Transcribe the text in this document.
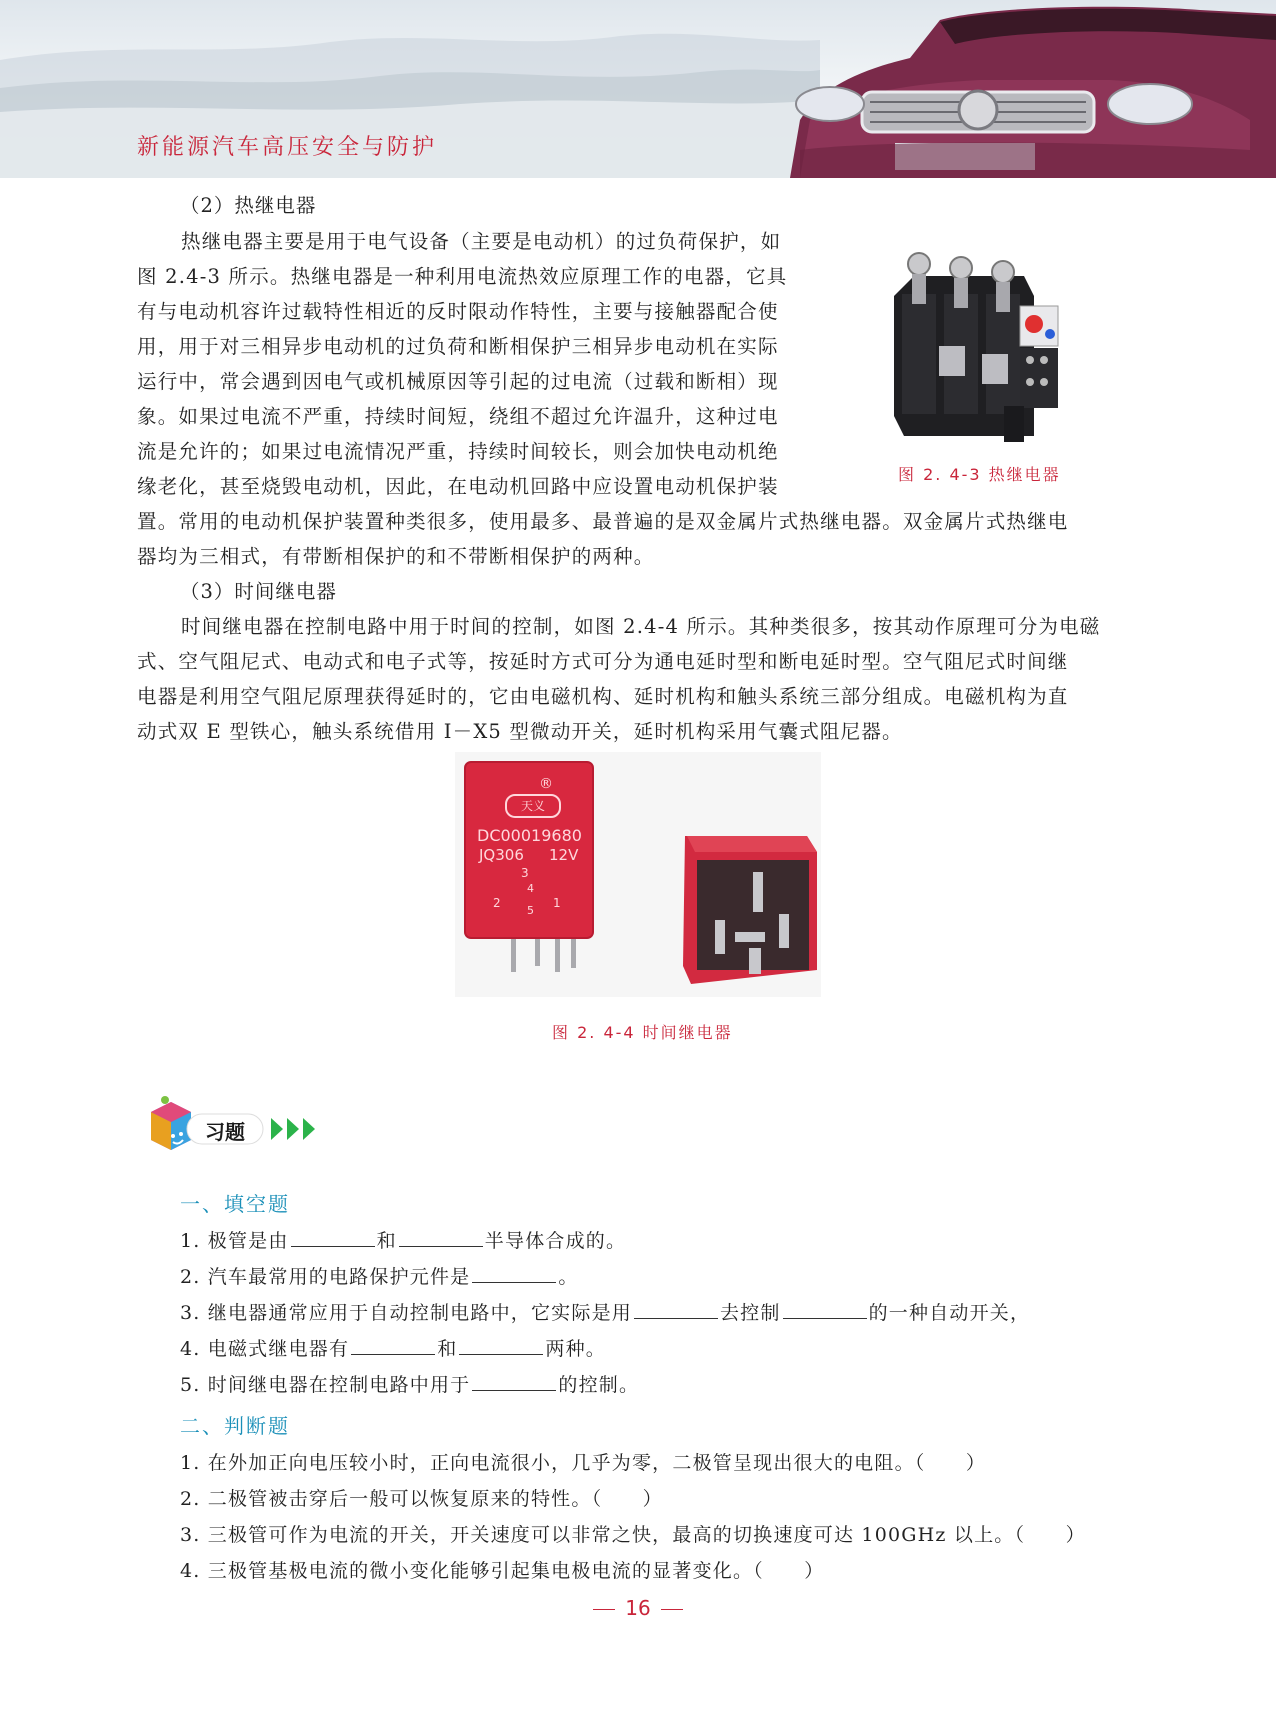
新能源汽车高压安全与防护
（2）热继电器
热继电器主要是用于电气设备（主要是电动机）的过负荷保护，如
图 2.4-3 所示。热继电器是一种利用电流热效应原理工作的电器，它具
有与电动机容许过载特性相近的反时限动作特性，主要与接触器配合使
用，用于对三相异步电动机的过负荷和断相保护三相异步电动机在实际
运行中，常会遇到因电气或机械原因等引起的过电流（过载和断相）现
象。如果过电流不严重，持续时间短，绕组不超过允许温升，这种过电
流是允许的；如果过电流情况严重，持续时间较长，则会加快电动机绝
缘老化，甚至烧毁电动机，因此，在电动机回路中应设置电动机保护装
置。常用的电动机保护装置种类很多，使用最多、最普遍的是双金属片式热继电器。双金属片式热继电
器均为三相式，有带断相保护的和不带断相保护的两种。
图 2. 4-3 热继电器
（3）时间继电器
时间继电器在控制电路中用于时间的控制，如图 2.4-4 所示。其种类很多，按其动作原理可分为电磁
式、空气阻尼式、电动式和电子式等，按延时方式可分为通电延时型和断电延时型。空气阻尼式时间继
电器是利用空气阻尼原理获得延时的，它由电磁机构、延时机构和触头系统三部分组成。电磁机构为直
动式双 E 型铁心，触头系统借用 I－X5 型微动开关，延时机构采用气囊式阻尼器。
®
天义
DC00019680
JQ306 12V
3
4
2
5
1
图 2. 4-4 时间继电器
习题
一、填空题
1. 极管是由	和	半导体合成的。
2. 汽车最常用的电路保护元件是	。
3. 继电器通常应用于自动控制电路中，它实际是用	去控制	的一种自动开关，
4. 电磁式继电器有	和	两种。
5. 时间继电器在控制电路中用于	的控制。
二、判断题
1. 在外加正向电压较小时，正向电流很小，几乎为零，二极管呈现出很大的电阻。（　　）
2. 二极管被击穿后一般可以恢复原来的特性。（　　）
3. 三极管可作为电流的开关，开关速度可以非常之快，最高的切换速度可达 100GHz 以上。（　　）
4. 三极管基极电流的微小变化能够引起集电极电流的显著变化。（　　）
16
